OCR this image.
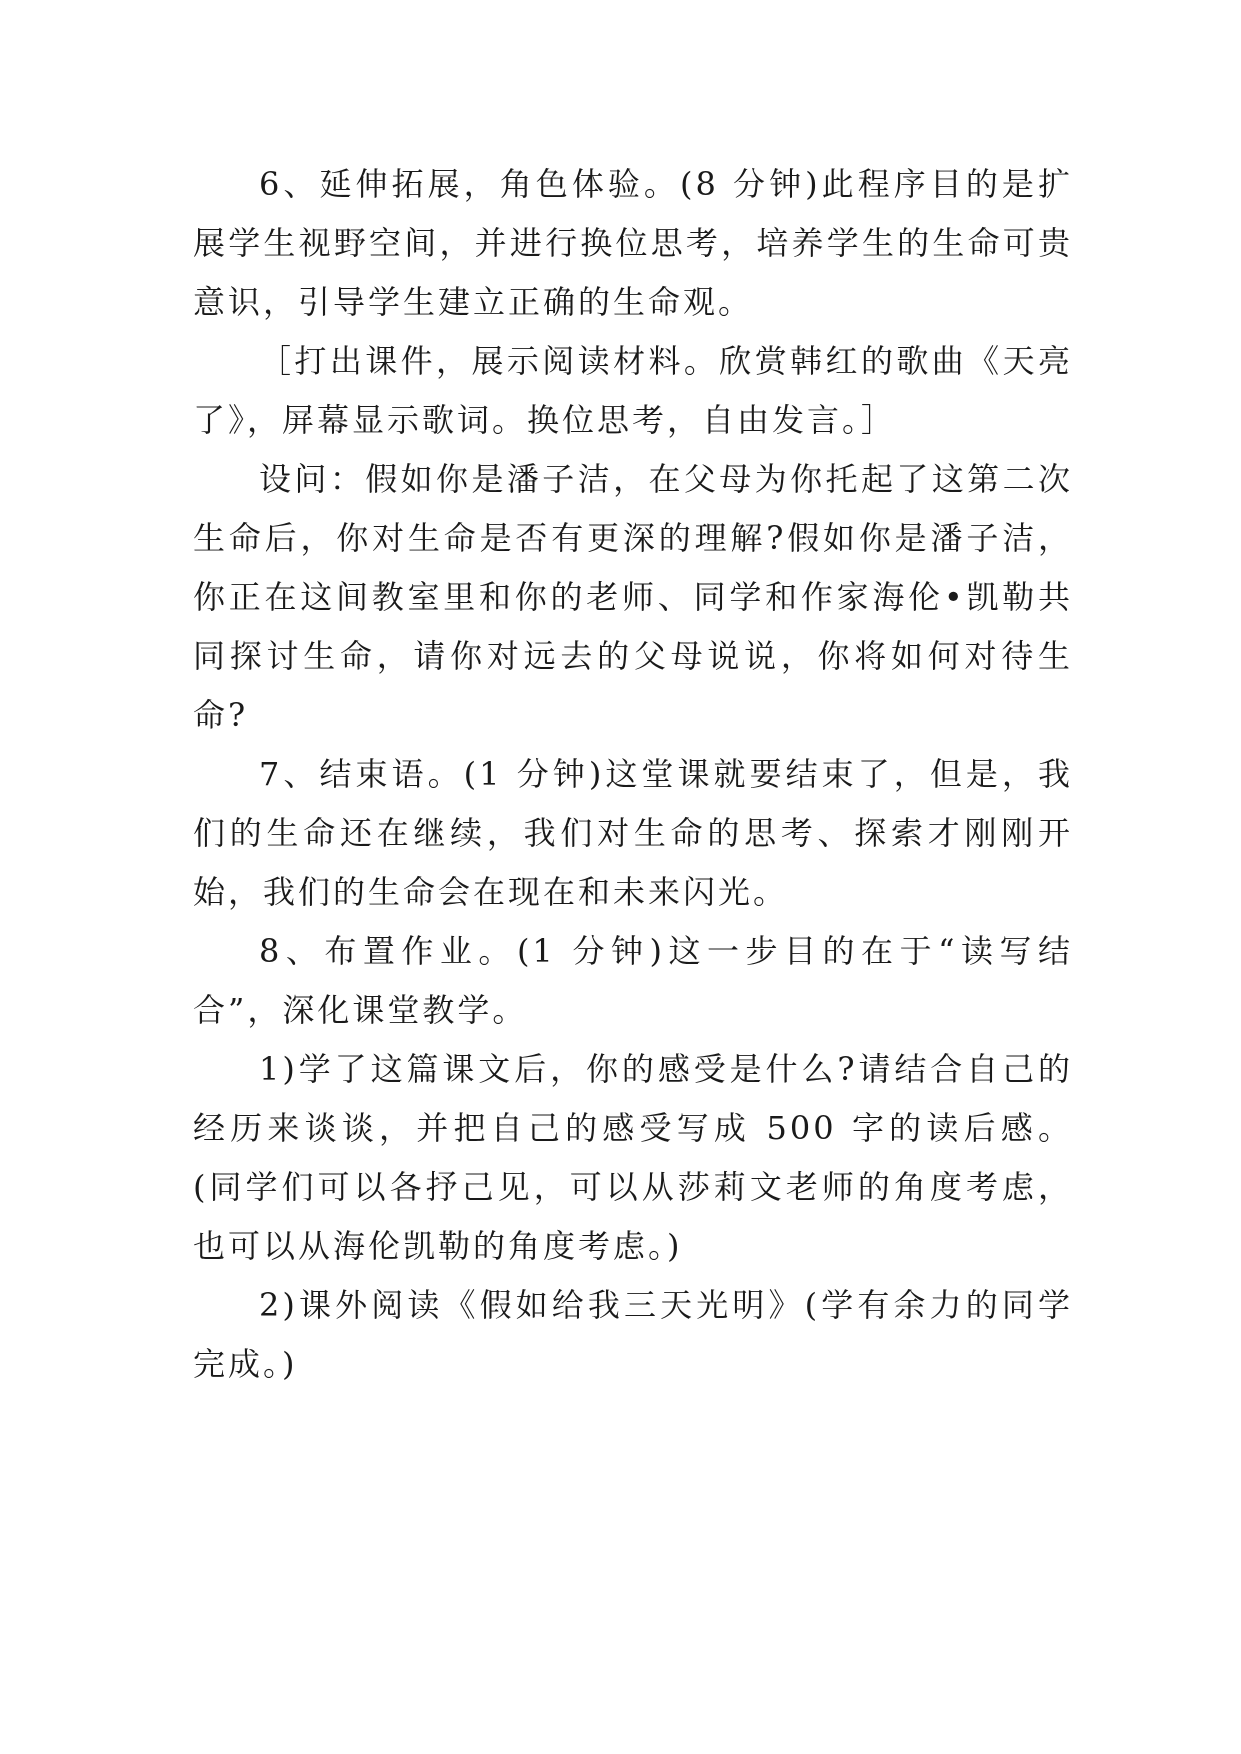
6、延伸拓展，角色体验。(8 分钟)此程序目的是扩展学生视野空间，并进行换位思考，培养学生的生命可贵意识，引导学生建立正确的生命观。

［打出课件，展示阅读材料。欣赏韩红的歌曲《天亮了》，屏幕显示歌词。换位思考，自由发言。］

设问：假如你是潘子洁，在父母为你托起了这第二次生命后，你对生命是否有更深的理解?假如你是潘子洁，你正在这间教室里和你的老师、同学和作家海伦•凯勒共同探讨生命，请你对远去的父母说说，你将如何对待生命?

7、结束语。(1 分钟)这堂课就要结束了，但是，我们的生命还在继续，我们对生命的思考、探索才刚刚开始，我们的生命会在现在和未来闪光。

8、布置作业。(1 分钟)这一步目的在于“读写结合”，深化课堂教学。

1)学了这篇课文后，你的感受是什么?请结合自己的经历来谈谈，并把自己的感受写成 500 字的读后感。(同学们可以各抒己见，可以从莎莉文老师的角度考虑，也可以从海伦凯勒的角度考虑。)

2)课外阅读《假如给我三天光明》(学有余力的同学完成。)
